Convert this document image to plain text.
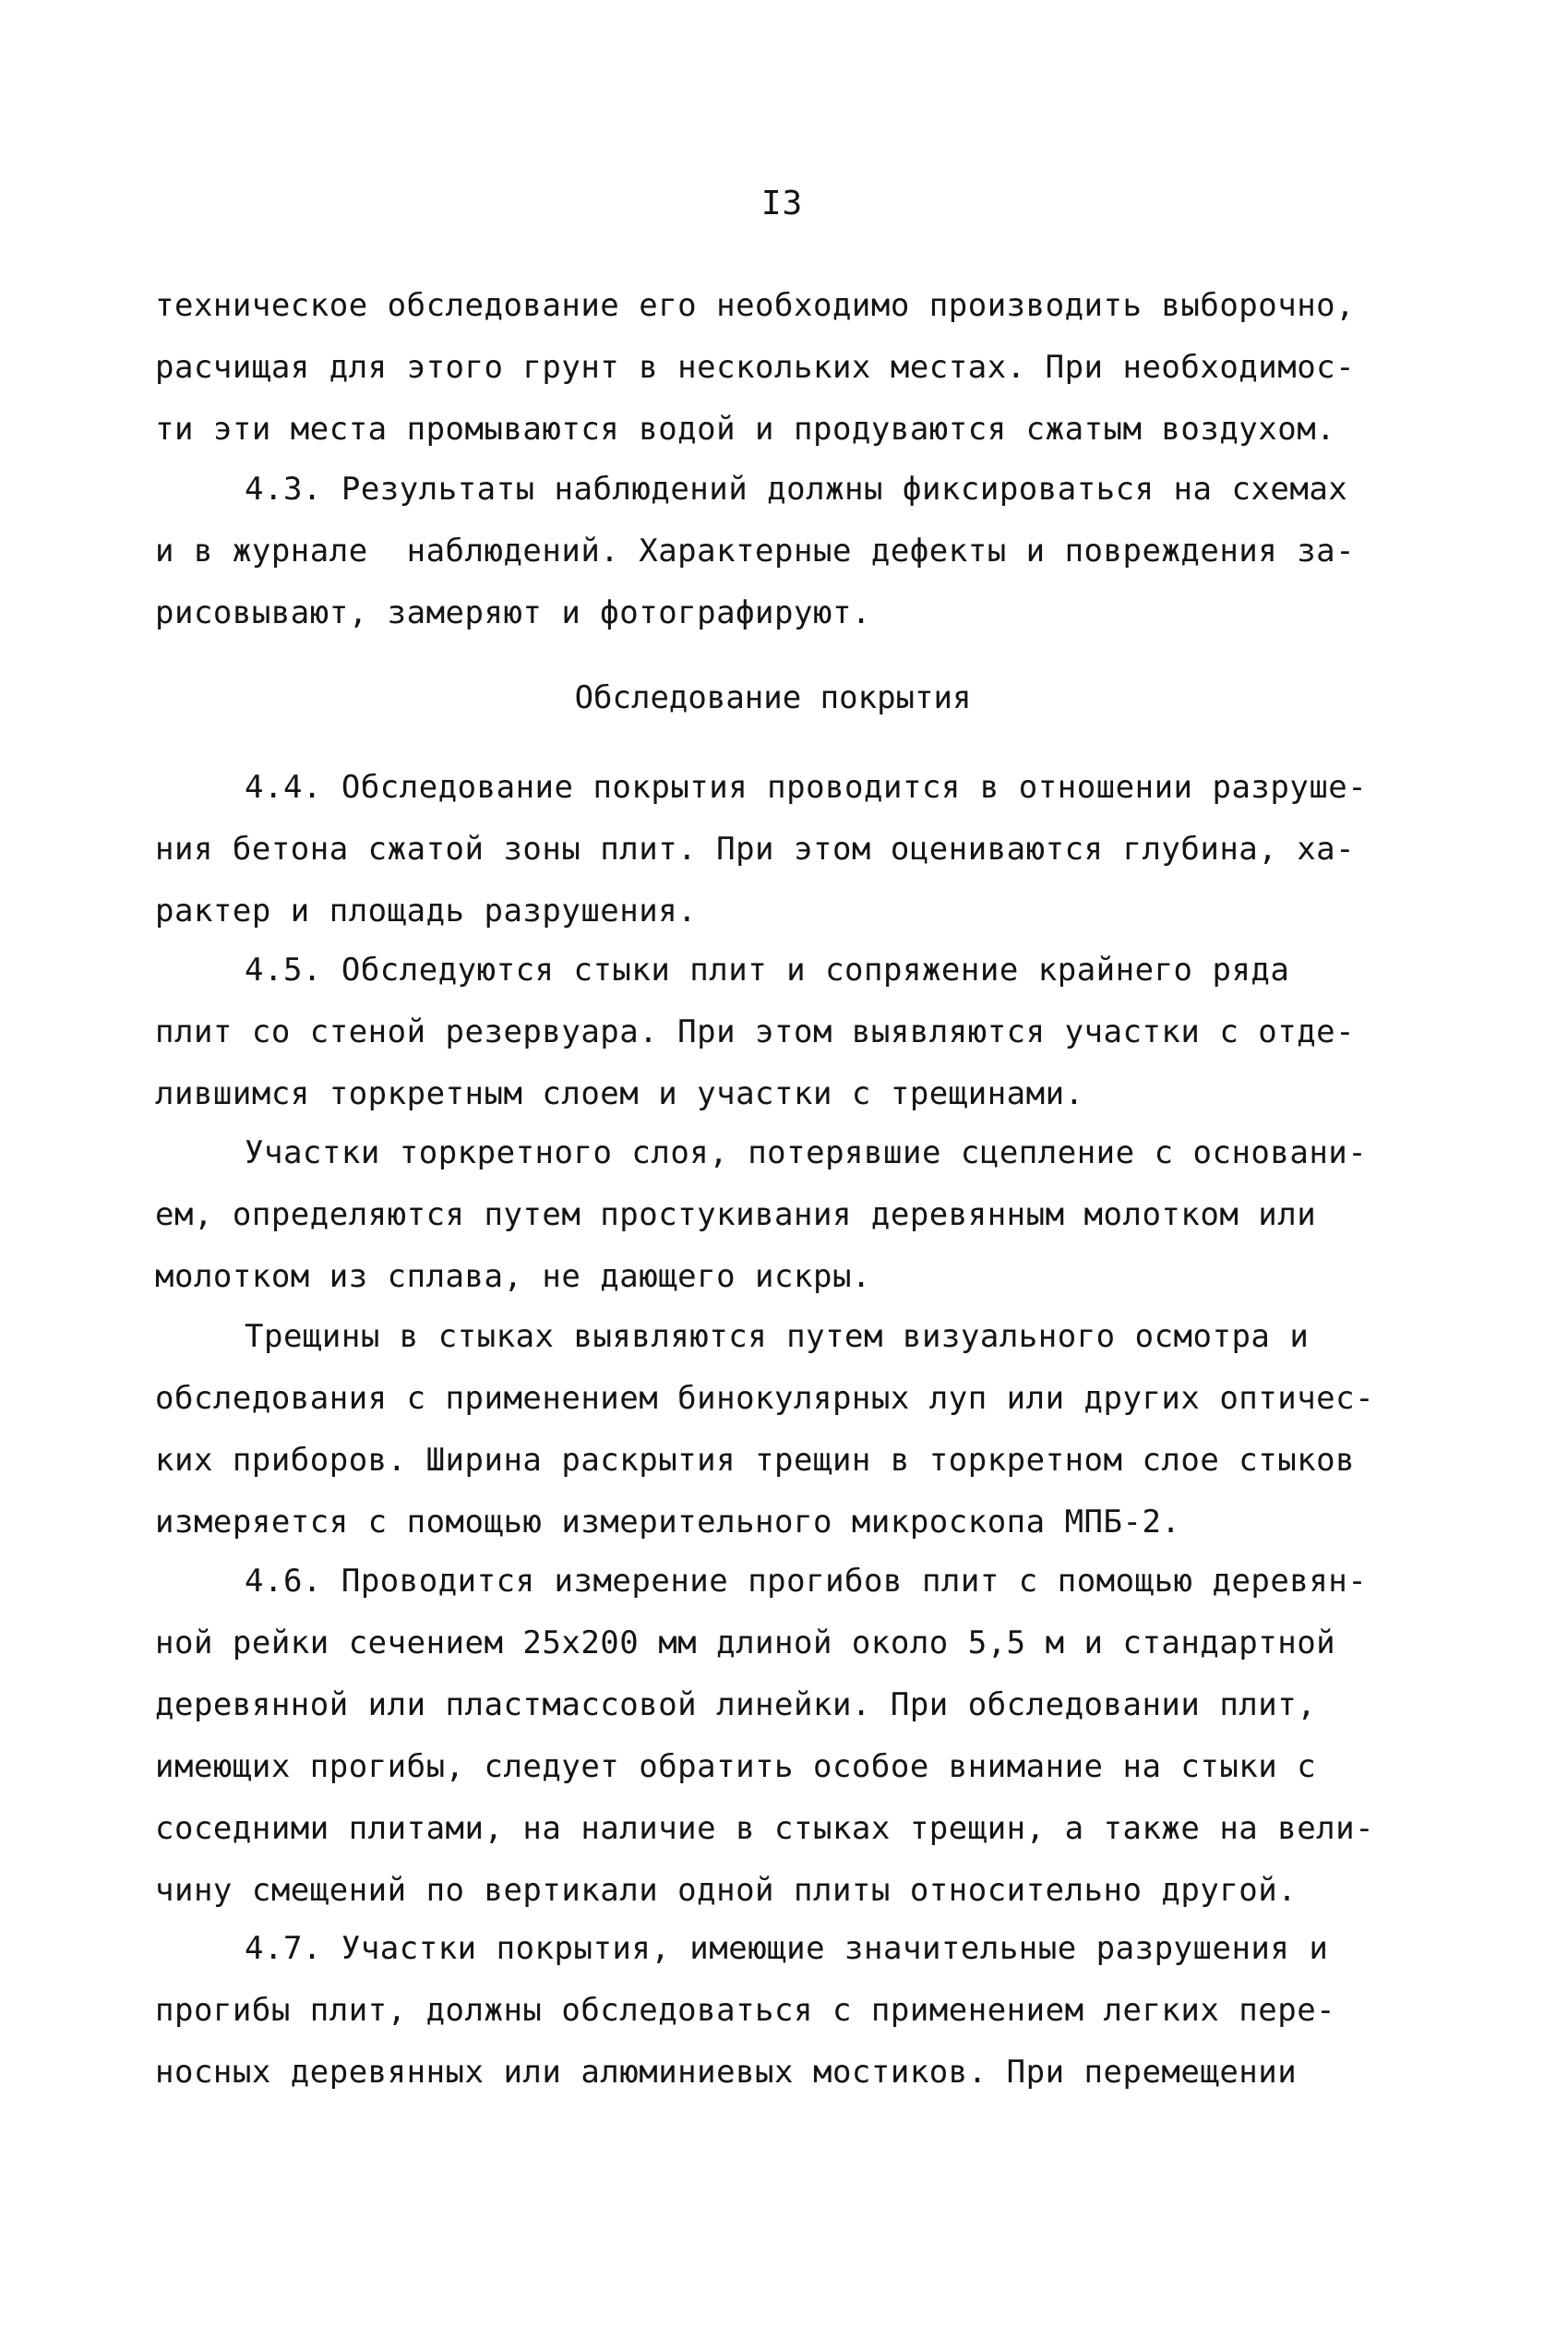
I3
техническое обследование его необходимо производить выборочно,
расчищая для этого грунт в нескольких местах. При необходимос-
ти эти места промываются водой и продуваются сжатым воздухом.
4.3. Результаты наблюдений должны фиксироваться на схемах
и в журнале  наблюдений. Характерные дефекты и повреждения за-
рисовывают, замеряют и фотографируют.
Обследование покрытия
4.4. Обследование покрытия проводится в отношении разруше-
ния бетона сжатой зоны плит. При этом оцениваются глубина, ха-
рактер и площадь разрушения.
4.5. Обследуются стыки плит и сопряжение крайнего ряда
плит со стеной резервуара. При этом выявляются участки с отде-
лившимся торкретным слоем и участки с трещинами.
Участки торкретного слоя, потерявшие сцепление с основани-
ем, определяются путем простукивания деревянным молотком или
молотком из сплава, не дающего искры.
Трещины в стыках выявляются путем визуального осмотра и
обследования с применением бинокулярных луп или других оптичес-
ких приборов. Ширина раскрытия трещин в торкретном слое стыков
измеряется с помощью измерительного микроскопа МПБ-2.
4.6. Проводится измерение прогибов плит с помощью деревян-
ной рейки сечением 25х200 мм длиной около 5,5 м и стандартной
деревянной или пластмассовой линейки. При обследовании плит,
имеющих прогибы, следует обратить особое внимание на стыки с
соседними плитами, на наличие в стыках трещин, а также на вели-
чину смещений по вертикали одной плиты относительно другой.
4.7. Участки покрытия, имеющие значительные разрушения и
прогибы плит, должны обследоваться с применением легких пере-
носных деревянных или алюминиевых мостиков. При перемещении
